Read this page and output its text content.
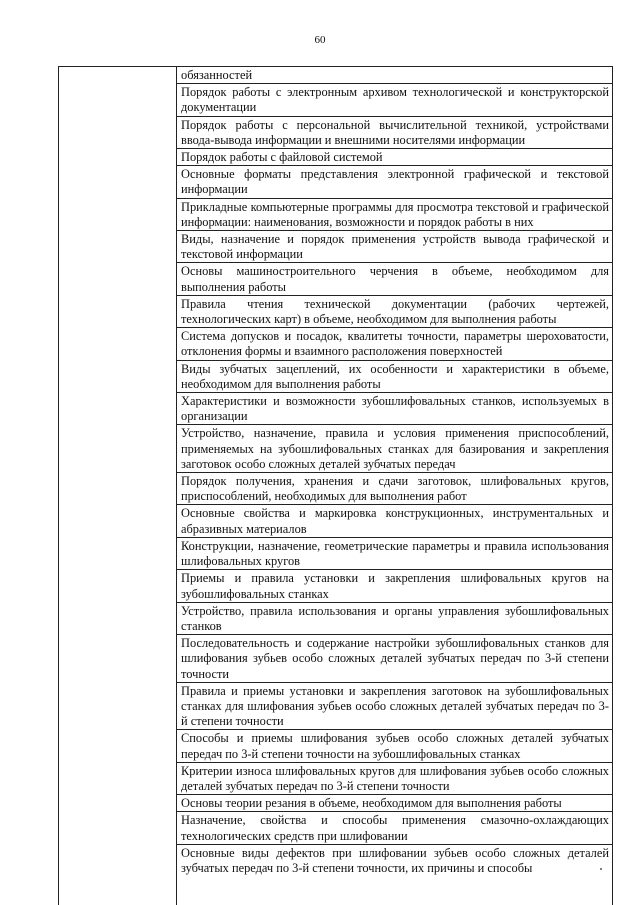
60
обязанностей
Порядок работы с электронным архивом технологической и конструкторской документации
Порядок работы с персональной вычислительной техникой, устройствами ввода-вывода информации и внешними носителями информации
Порядок работы с файловой системой
Основные форматы представления электронной графической и текстовой информации
Прикладные компьютерные программы для просмотра текстовой и графической информации: наименования, возможности и порядок работы в них
Виды, назначение и порядок применения устройств вывода графической и текстовой информации
Основы машиностроительного черчения в объеме, необходимом для выполнения работы
Правила чтения технической документации (рабочих чертежей, технологических карт) в объеме, необходимом для выполнения работы
Система допусков и посадок, квалитеты точности, параметры шероховатости, отклонения формы и взаимного расположения поверхностей
Виды зубчатых зацеплений, их особенности и характеристики в объеме, необходимом для выполнения работы
Характеристики и возможности зубошлифовальных станков, используемых в организации
Устройство, назначение, правила и условия применения приспособлений, применяемых на зубошлифовальных станках для базирования и закрепления заготовок особо сложных деталей зубчатых передач
Порядок получения, хранения и сдачи заготовок, шлифовальных кругов, приспособлений, необходимых для выполнения работ
Основные свойства и маркировка конструкционных, инструментальных и абразивных материалов
Конструкции, назначение, геометрические параметры и правила использования шлифовальных кругов
Приемы и правила установки и закрепления шлифовальных кругов на зубошлифовальных станках
Устройство, правила использования и органы управления зубошлифовальных станков
Последовательность и содержание настройки зубошлифовальных станков для шлифования зубьев особо сложных деталей зубчатых передач по 3-й степени точности
Правила и приемы установки и закрепления заготовок на зубошлифовальных станках для шлифования зубьев особо сложных деталей зубчатых передач по 3-й степени точности
Способы и приемы шлифования зубьев особо сложных деталей зубчатых передач по 3-й степени точности на зубошлифовальных станках
Критерии износа шлифовальных кругов для шлифования зубьев особо сложных деталей зубчатых передач по 3-й степени точности
Основы теории резания в объеме, необходимом для выполнения работы
Назначение, свойства и способы применения смазочно-охлаждающих технологических средств при шлифовании
Основные виды дефектов при шлифовании зубьев особо сложных деталей зубчатых передач по 3-й степени точности, их причины и способы
